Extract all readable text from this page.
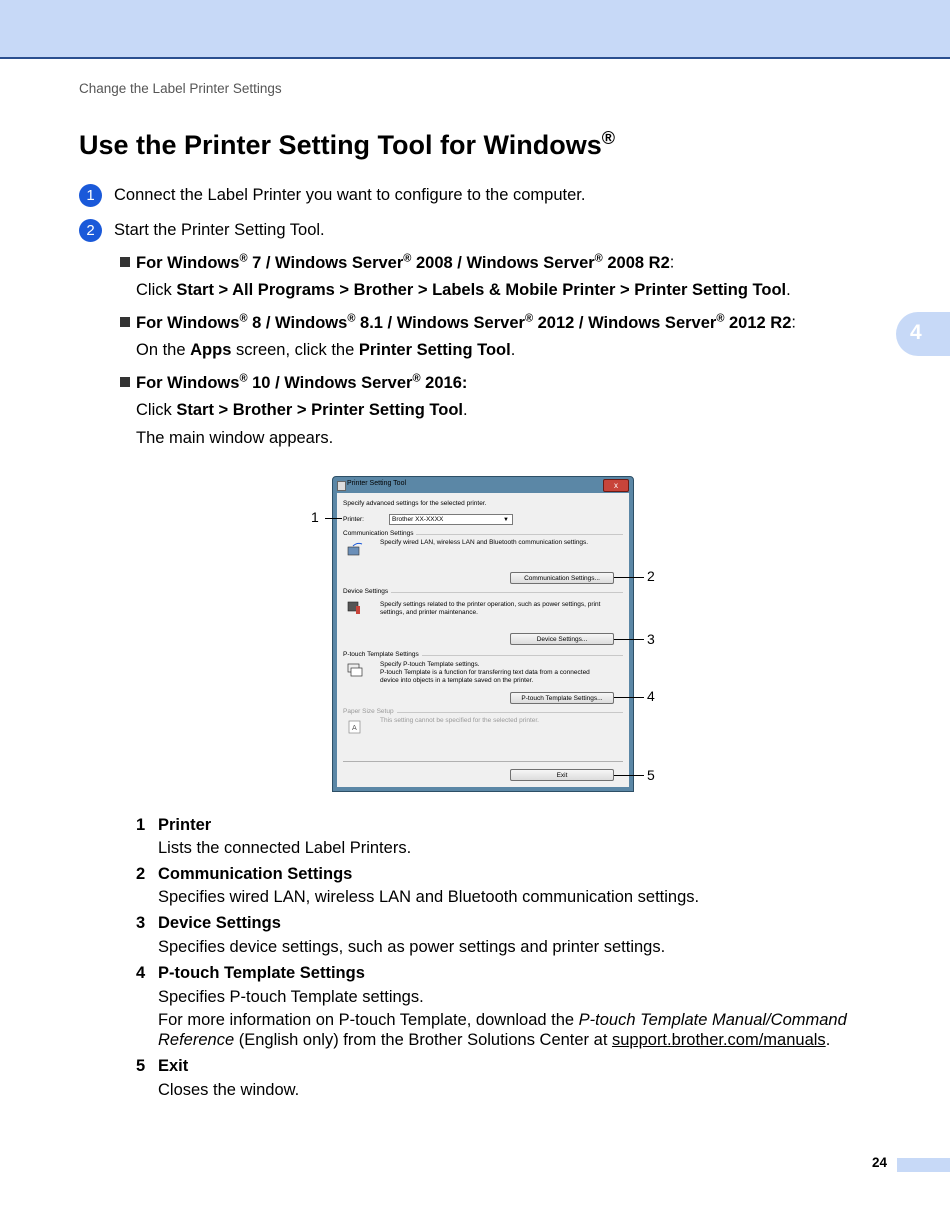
Change the Label Printer Settings
Use the Printer Setting Tool for Windows®
4
1	Connect the Label Printer you want to configure to the computer.
2	Start the Printer Setting Tool.
For Windows® 7 / Windows Server® 2008 / Windows Server® 2008 R2:
Click Start > All Programs > Brother > Labels & Mobile Printer > Printer Setting Tool.
For Windows® 8 / Windows® 8.1 / Windows Server® 2012 / Windows Server® 2012 R2:
On the Apps screen, click the Printer Setting Tool.
For Windows® 10 / Windows Server® 2016:
Click Start > Brother > Printer Setting Tool.
The main window appears.
Printer Setting Tool	x
Specify advanced settings for the selected printer.
Printer:	Brother XX-XXXX	▼
Communication Settings
Specify wired LAN, wireless LAN and Bluetooth communication settings.
Communication Settings...
Device Settings
Specify settings related to the printer operation, such as power settings, print
settings, and printer maintenance.
Device Settings...
P-touch Template Settings
Specify P-touch Template settings.
P-touch Template is a function for transferring text data from a connected
device into objects in a template saved on the printer.
P-touch Template Settings...
Paper Size Setup
A
This setting cannot be specified for the selected printer.
Exit
1
2
3
4
5
1 Printer
Lists the connected Label Printers.
2 Communication Settings
Specifies wired LAN, wireless LAN and Bluetooth communication settings.
3 Device Settings
Specifies device settings, such as power settings and printer settings.
4 P-touch Template Settings
Specifies P-touch Template settings.
For more information on P-touch Template, download the P-touch Template Manual/Command
Reference (English only) from the Brother Solutions Center at support.brother.com/manuals.
5 Exit
Closes the window.
24
